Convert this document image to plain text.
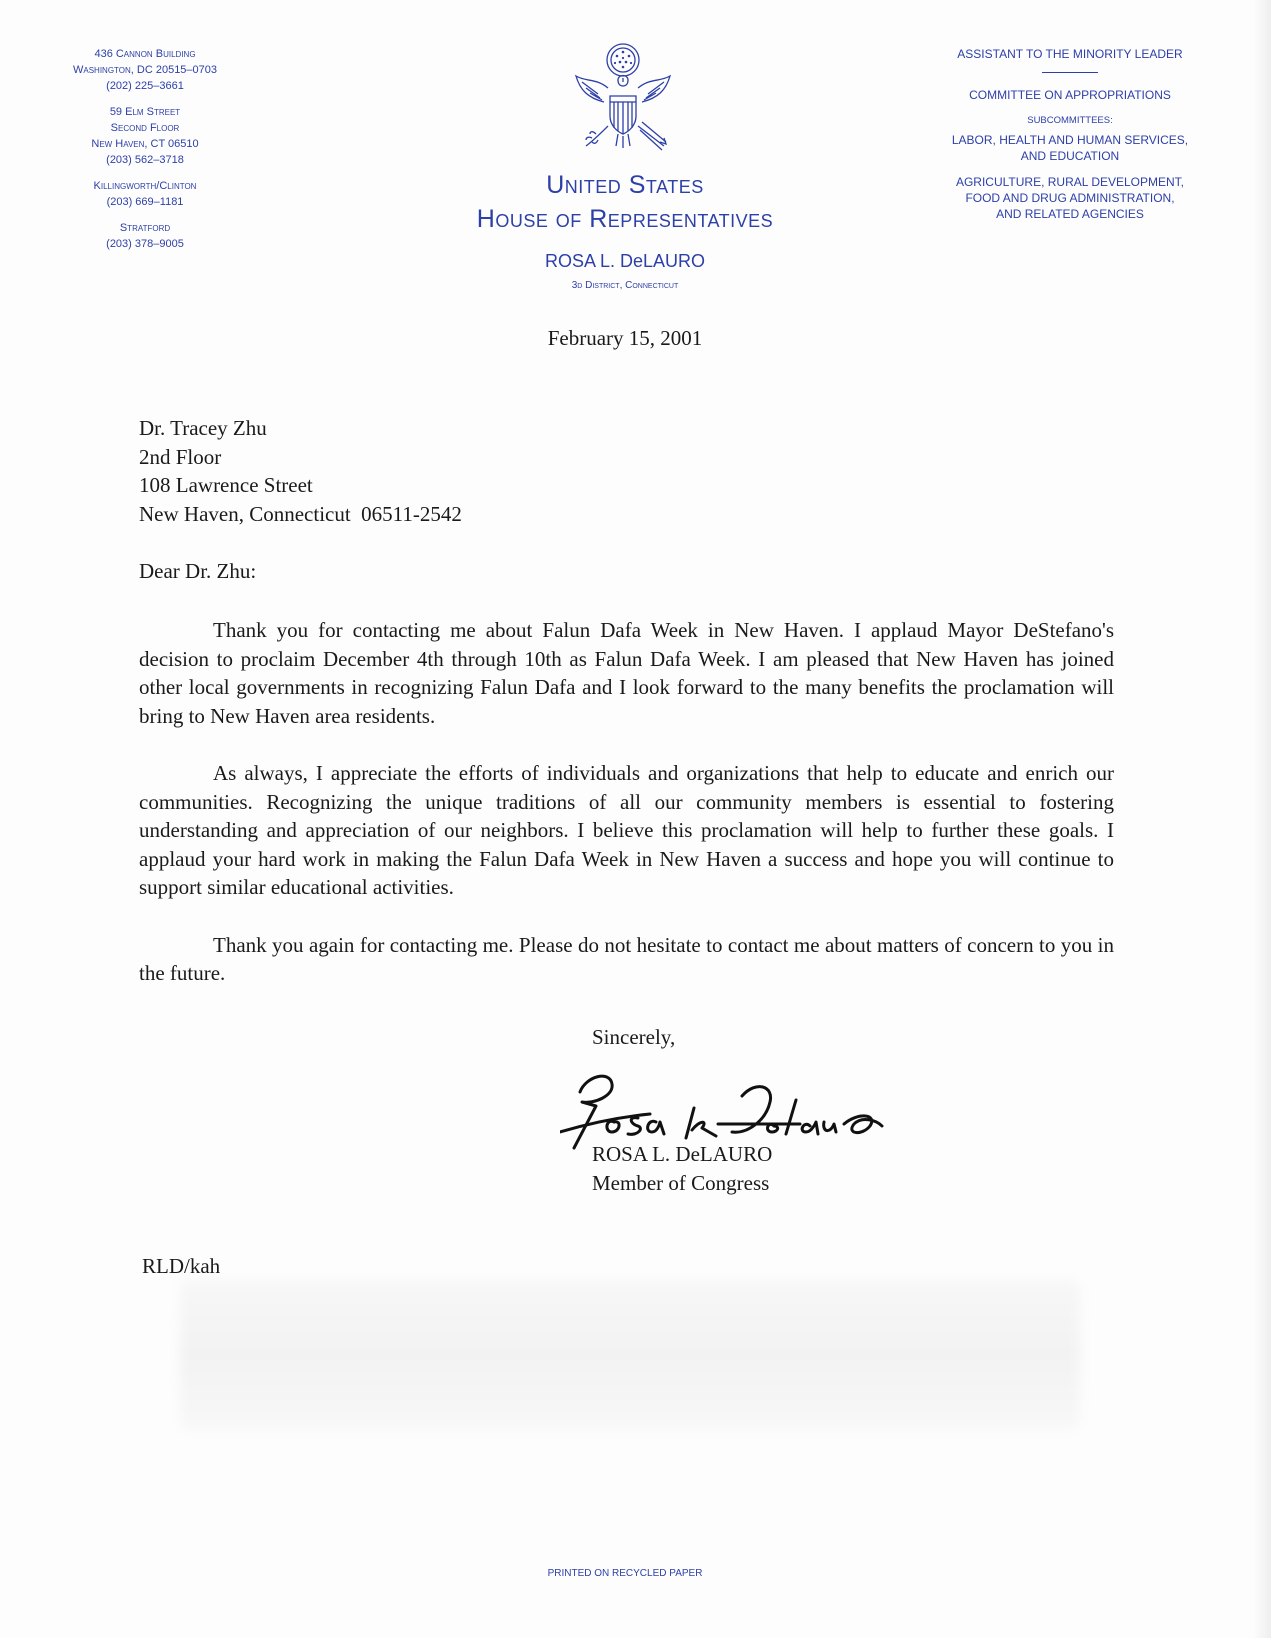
436 Cannon Building
Washington, DC 20515–0703
(202) 225–3661
59 Elm Street
Second Floor
New Haven, CT 06510
(203) 562–3718
Killingworth/Clinton
(203) 669–1181
Stratford
(203) 378–9005
United States
House of Representatives
ROSA L. DeLAURO
3d District, Connecticut
ASSISTANT TO THE MINORITY LEADER
COMMITTEE ON APPROPRIATIONS
SUBCOMMITTEES:
LABOR, HEALTH AND HUMAN SERVICES,
AND EDUCATION
AGRICULTURE, RURAL DEVELOPMENT,
FOOD AND DRUG ADMINISTRATION,
AND RELATED AGENCIES
February 15, 2001
Dr. Tracey Zhu
2nd Floor
108 Lawrence Street
New Haven, Connecticut  06511-2542
Dear Dr. Zhu:

Thank you for contacting me about Falun Dafa Week in New Haven. I applaud Mayor DeStefano's decision to proclaim December 4th through 10th as Falun Dafa Week. I am pleased that New Haven has joined other local governments in recognizing Falun Dafa and I look forward to the many benefits the proclamation will bring to New Haven area residents.

As always, I appreciate the efforts of individuals and organizations that help to educate and enrich our communities. Recognizing the unique traditions of all our community members is essential to fostering understanding and appreciation of our neighbors. I believe this proclamation will help to further these goals. I applaud your hard work in making the Falun Dafa Week in New Haven a success and hope you will continue to support similar educational activities.

Thank you again for contacting me. Please do not hesitate to contact me about matters of concern to you in the future.

Sincerely,
ROSA L. DeLAURO
Member of Congress
RLD/kah
PRINTED ON RECYCLED PAPER
